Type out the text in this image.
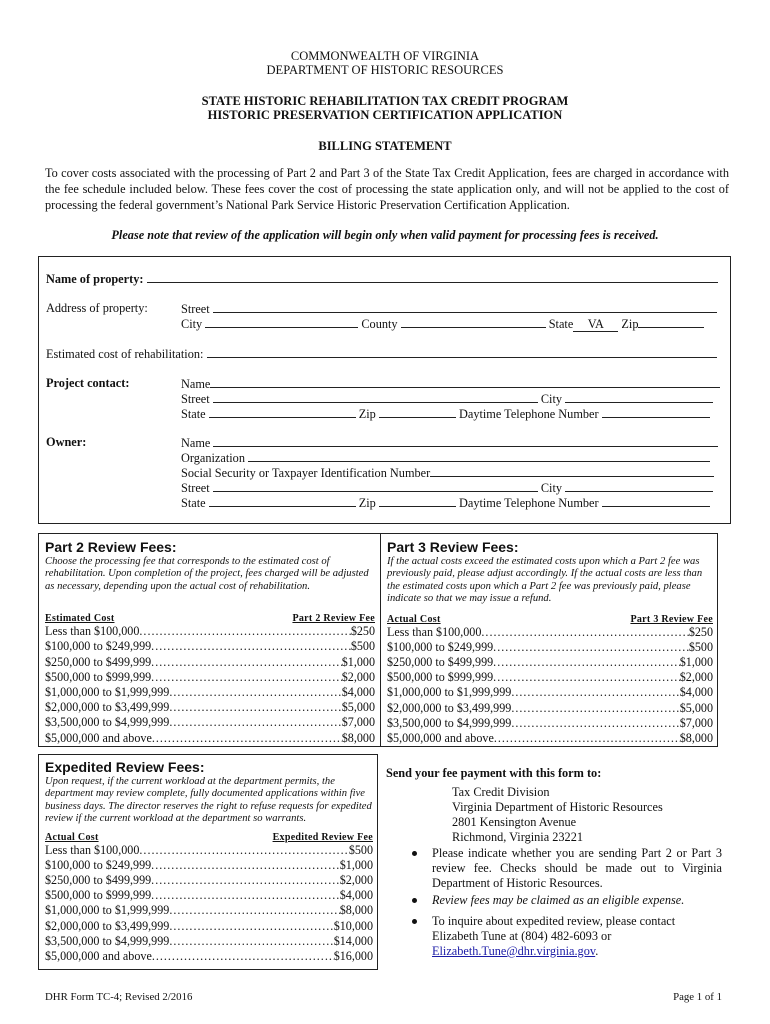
COMMONWEALTH OF VIRGINIA
DEPARTMENT OF HISTORIC RESOURCES
STATE HISTORIC REHABILITATION TAX CREDIT PROGRAM
HISTORIC PRESERVATION CERTIFICATION APPLICATION
BILLING STATEMENT
To cover costs associated with the processing of Part 2 and Part 3 of the State Tax Credit Application, fees are charged in accordance with the fee schedule included below. These fees cover the cost of processing the state application only, and will not be applied to the cost of processing the federal government’s National Park Service Historic Preservation Certification Application.
Please note that review of the application will begin only when valid payment for processing fees is received.
Name of property:
Address of property:	Street
City	County	State VA Zip
Estimated cost of rehabilitation:
Project contact:	Name
Street	City
State	Zip	Daytime Telephone Number
Owner:	Name
Organization
Social Security or Taxpayer Identification Number
Street	City
State	Zip	Daytime Telephone Number
Part 2 Review Fees:
Choose the processing fee that corresponds to the estimated cost of rehabilitation. Upon completion of the project, fees charged will be adjusted as necessary, depending upon the actual cost of rehabilitation.
Estimated Cost	Part 2 Review Fee
Less than $100,000 .....	$250
$100,000 to $249,999 .....	$500
$250,000 to $499,999 .....	$1,000
$500,000 to $999,999 .....	$2,000
$1,000,000 to $1,999,999 .....	$4,000
$2,000,000 to $3,499,999 .....	$5,000
$3,500,000 to $4,999,999 .....	$7,000
$5,000,000 and above .....	$8,000
Part 3 Review Fees:
If the actual costs exceed the estimated costs upon which a Part 2 fee was previously paid, please adjust accordingly. If the actual costs are less than the estimated costs upon which a Part 2 fee was previously paid, please indicate so that we may issue a refund.
Actual Cost	Part 3 Review Fee
Less than $100,000 .....	$250
$100,000 to $249,999 .....	$500
$250,000 to $499,999 .....	$1,000
$500,000 to $999,999 .....	$2,000
$1,000,000 to $1,999,999 .....	$4,000
$2,000,000 to $3,499,999 .....	$5,000
$3,500,000 to $4,999,999 .....	$7,000
$5,000,000 and above .....	$8,000
Expedited Review Fees:
Upon request, if the current workload at the department permits, the department may review complete, fully documented applications within five business days. The director reserves the right to refuse requests for expedited review if the current workload at the department so warrants.
Actual Cost	Expedited Review Fee
Less than $100,000 .....	$500
$100,000 to $249,999 .....	$1,000
$250,000 to $499,999 .....	$2,000
$500,000 to $999,999 .....	$4,000
$1,000,000 to $1,999,999 .....	$8,000
$2,000,000 to $3,499,999 .....	$10,000
$3,500,000 to $4,999,999 .....	$14,000
$5,000,000 and above .....	$16,000
Send your fee payment with this form to:
Tax Credit Division
Virginia Department of Historic Resources
2801 Kensington Avenue
Richmond, Virginia 23221
Please indicate whether you are sending Part 2 or Part 3 review fee. Checks should be made out to Virginia Department of Historic Resources.
Review fees may be claimed as an eligible expense.
To inquire about expedited review, please contact Elizabeth Tune at (804) 482-6093 or
Elizabeth.Tune@dhr.virginia.gov.
DHR Form TC-4; Revised 2/2016	Page 1 of 1
